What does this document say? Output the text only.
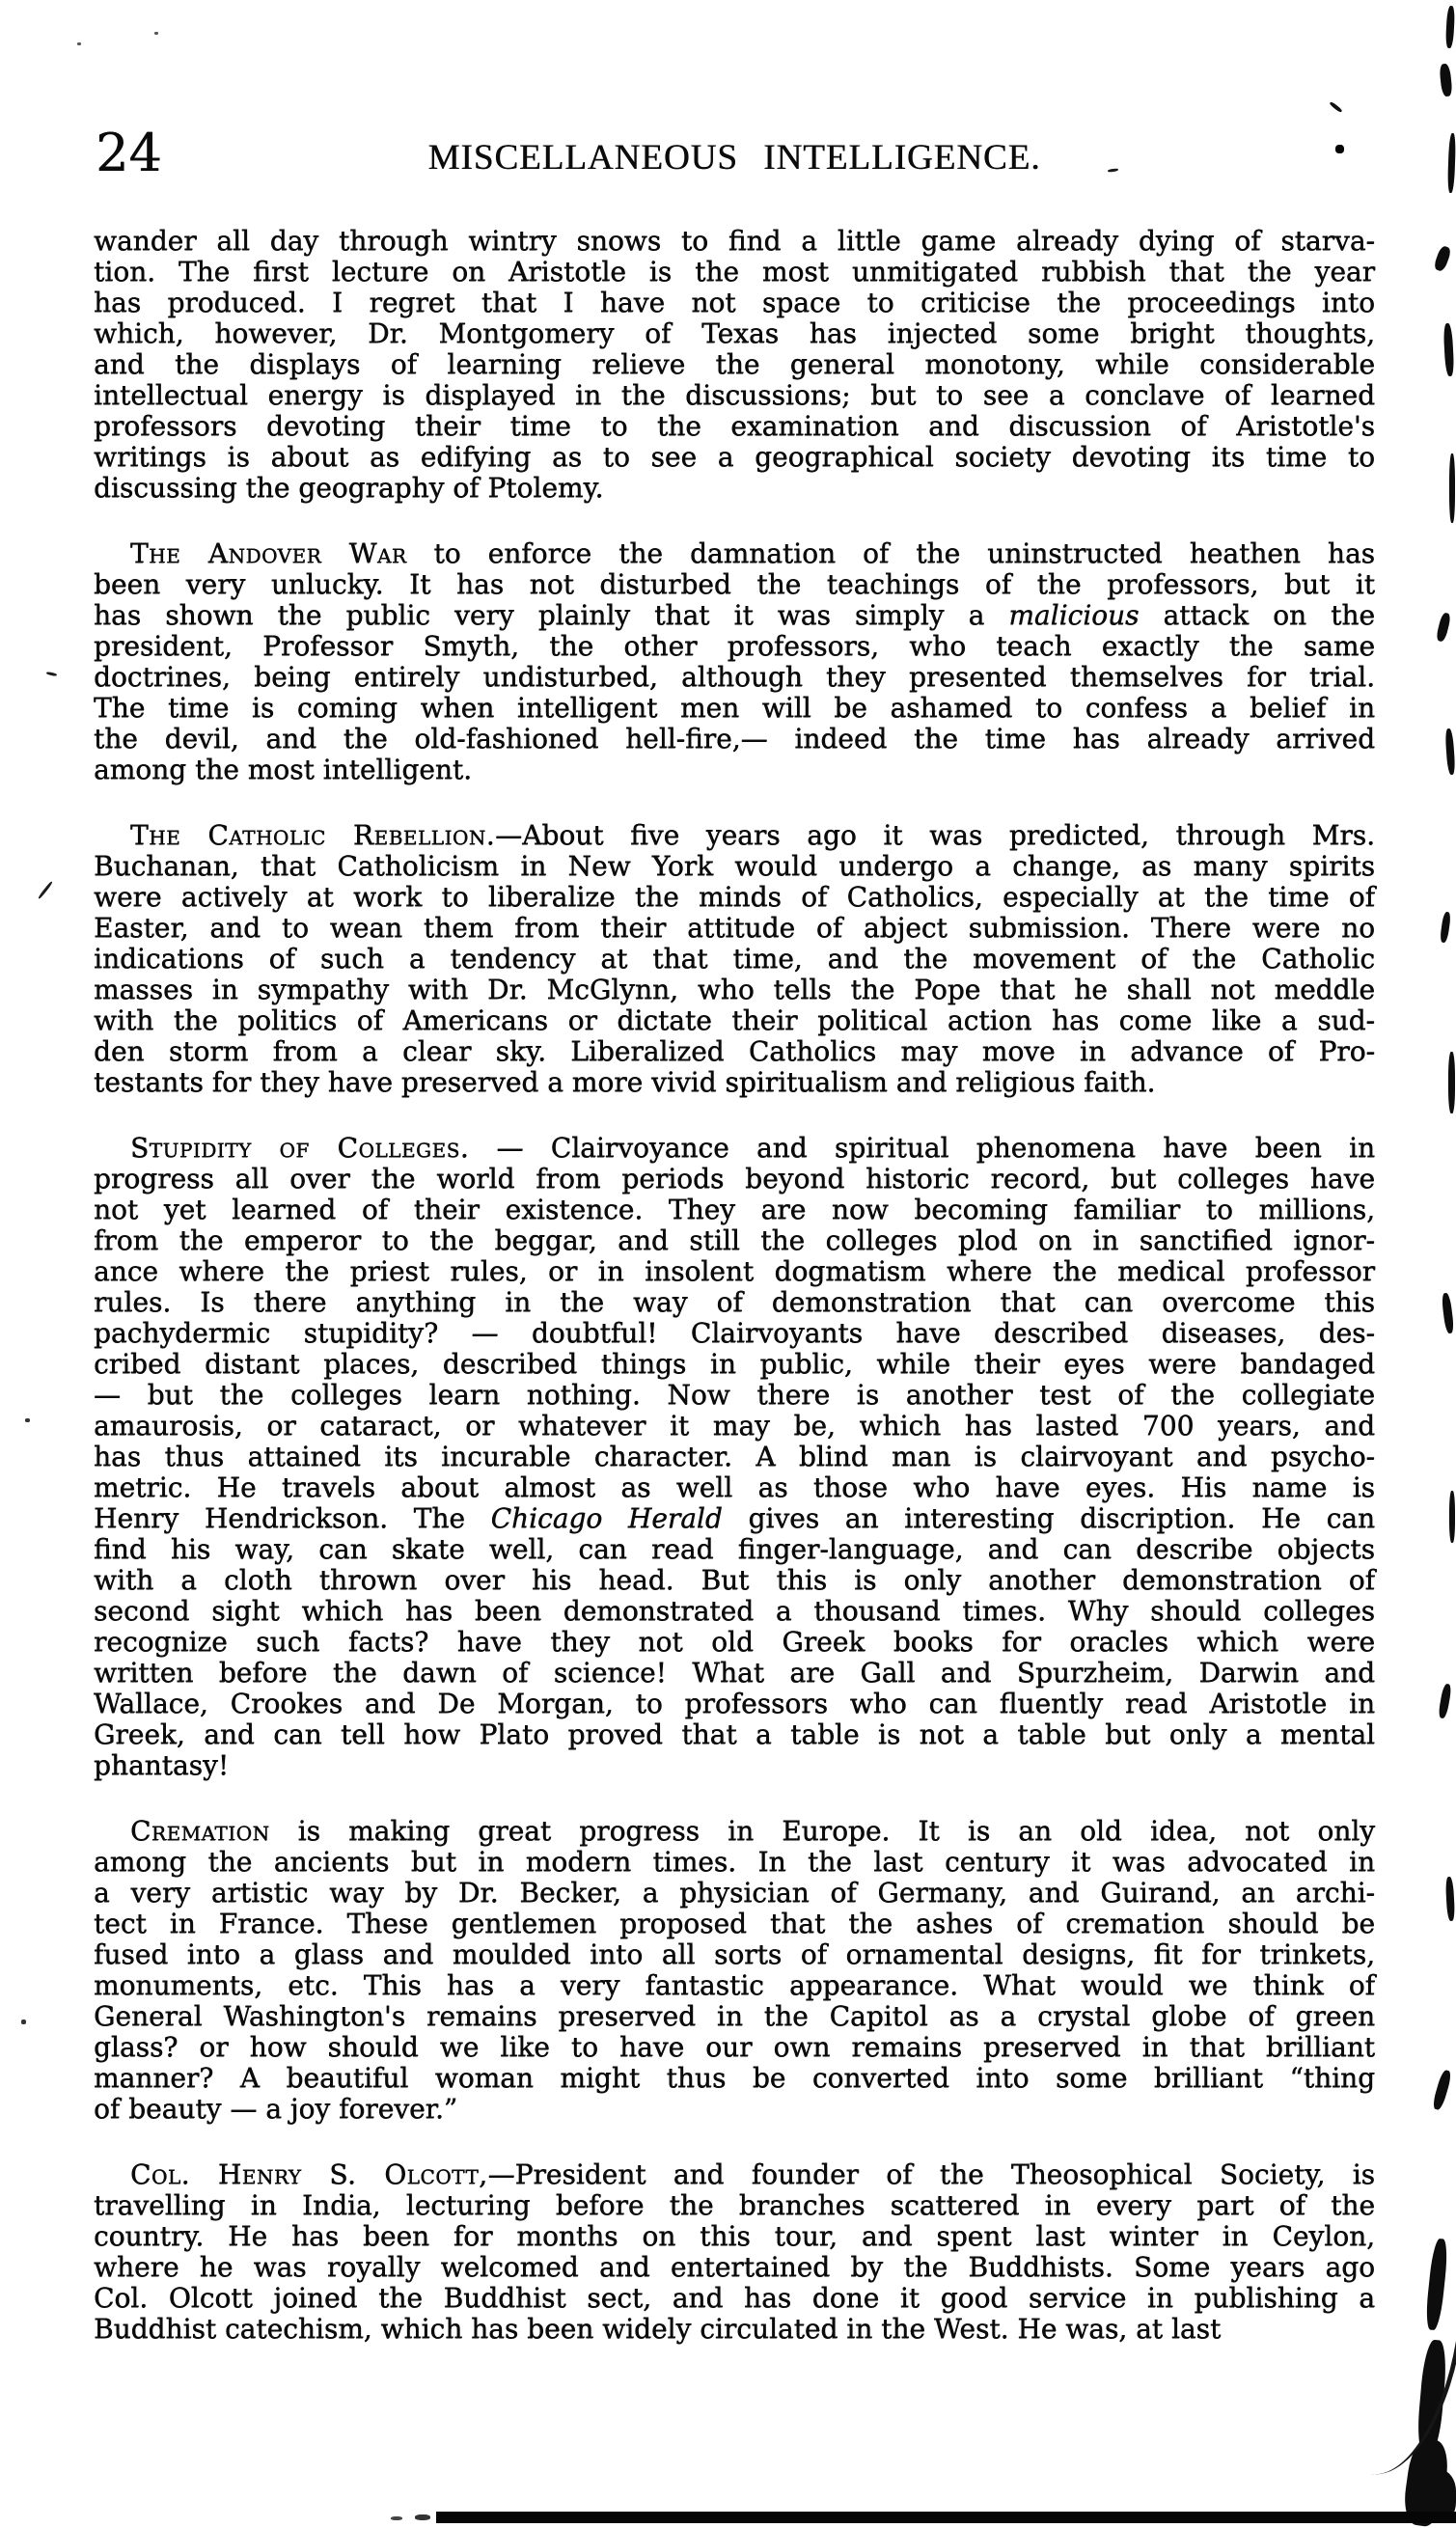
24	MISCELLANEOUS INTELLIGENCE.
wander all day through wintry snows to find a little game already dying of starva-
tion. The first lecture on Aristotle is the most unmitigated rubbish that the year
has produced. I regret that I have not space to criticise the proceedings into
which, however, Dr. Montgomery of Texas has injected some bright thoughts,
and the displays of learning relieve the general monotony, while considerable
intellectual energy is displayed in the discussions; but to see a conclave of learned
professors devoting their time to the examination and discussion of Aristotle's
writings is about as edifying as to see a geographical society devoting its time to
discussing the geography of Ptolemy.
The Andover War to enforce the damnation of the uninstructed heathen has
been very unlucky. It has not disturbed the teachings of the professors, but it
has shown the public very plainly that it was simply a malicious attack on the
president, Professor Smyth, the other professors, who teach exactly the same
doctrines, being entirely undisturbed, although they presented themselves for trial.
The time is coming when intelligent men will be ashamed to confess a belief in
the devil, and the old-fashioned hell-fire,— indeed the time has already arrived
among the most intelligent.
The Catholic Rebellion.—About five years ago it was predicted, through Mrs.
Buchanan, that Catholicism in New York would undergo a change, as many spirits
were actively at work to liberalize the minds of Catholics, especially at the time of
Easter, and to wean them from their attitude of abject submission. There were no
indications of such a tendency at that time, and the movement of the Catholic
masses in sympathy with Dr. McGlynn, who tells the Pope that he shall not meddle
with the politics of Americans or dictate their political action has come like a sud-
den storm from a clear sky. Liberalized Catholics may move in advance of Pro-
testants for they have preserved a more vivid spiritualism and religious faith.
Stupidity of Colleges. — Clairvoyance and spiritual phenomena have been in
progress all over the world from periods beyond historic record, but colleges have
not yet learned of their existence. They are now becoming familiar to millions,
from the emperor to the beggar, and still the colleges plod on in sanctified ignor-
ance where the priest rules, or in insolent dogmatism where the medical professor
rules. Is there anything in the way of demonstration that can overcome this
pachydermic stupidity? — doubtful! Clairvoyants have described diseases, des-
cribed distant places, described things in public, while their eyes were bandaged
— but the colleges learn nothing. Now there is another test of the collegiate
amaurosis, or cataract, or whatever it may be, which has lasted 700 years, and
has thus attained its incurable character. A blind man is clairvoyant and psycho-
metric. He travels about almost as well as those who have eyes. His name is
Henry Hendrickson. The Chicago Herald gives an interesting discription. He can
find his way, can skate well, can read finger-language, and can describe objects
with a cloth thrown over his head. But this is only another demonstration of
second sight which has been demonstrated a thousand times. Why should colleges
recognize such facts? have they not old Greek books for oracles which were
written before the dawn of science! What are Gall and Spurzheim, Darwin and
Wallace, Crookes and De Morgan, to professors who can fluently read Aristotle in
Greek, and can tell how Plato proved that a table is not a table but only a mental
phantasy!
Cremation is making great progress in Europe. It is an old idea, not only
among the ancients but in modern times. In the last century it was advocated in
a very artistic way by Dr. Becker, a physician of Germany, and Guirand, an archi-
tect in France. These gentlemen proposed that the ashes of cremation should be
fused into a glass and moulded into all sorts of ornamental designs, fit for trinkets,
monuments, etc. This has a very fantastic appearance. What would we think of
General Washington's remains preserved in the Capitol as a crystal globe of green
glass? or how should we like to have our own remains preserved in that brilliant
manner? A beautiful woman might thus be converted into some brilliant “thing
of beauty — a joy forever.”
Col. Henry S. Olcott,—President and founder of the Theosophical Society, is
travelling in India, lecturing before the branches scattered in every part of the
country. He has been for months on this tour, and spent last winter in Ceylon,
where he was royally welcomed and entertained by the Buddhists. Some years ago
Col. Olcott joined the Buddhist sect, and has done it good service in publishing a
Buddhist catechism, which has been widely circulated in the West. He was, at last
